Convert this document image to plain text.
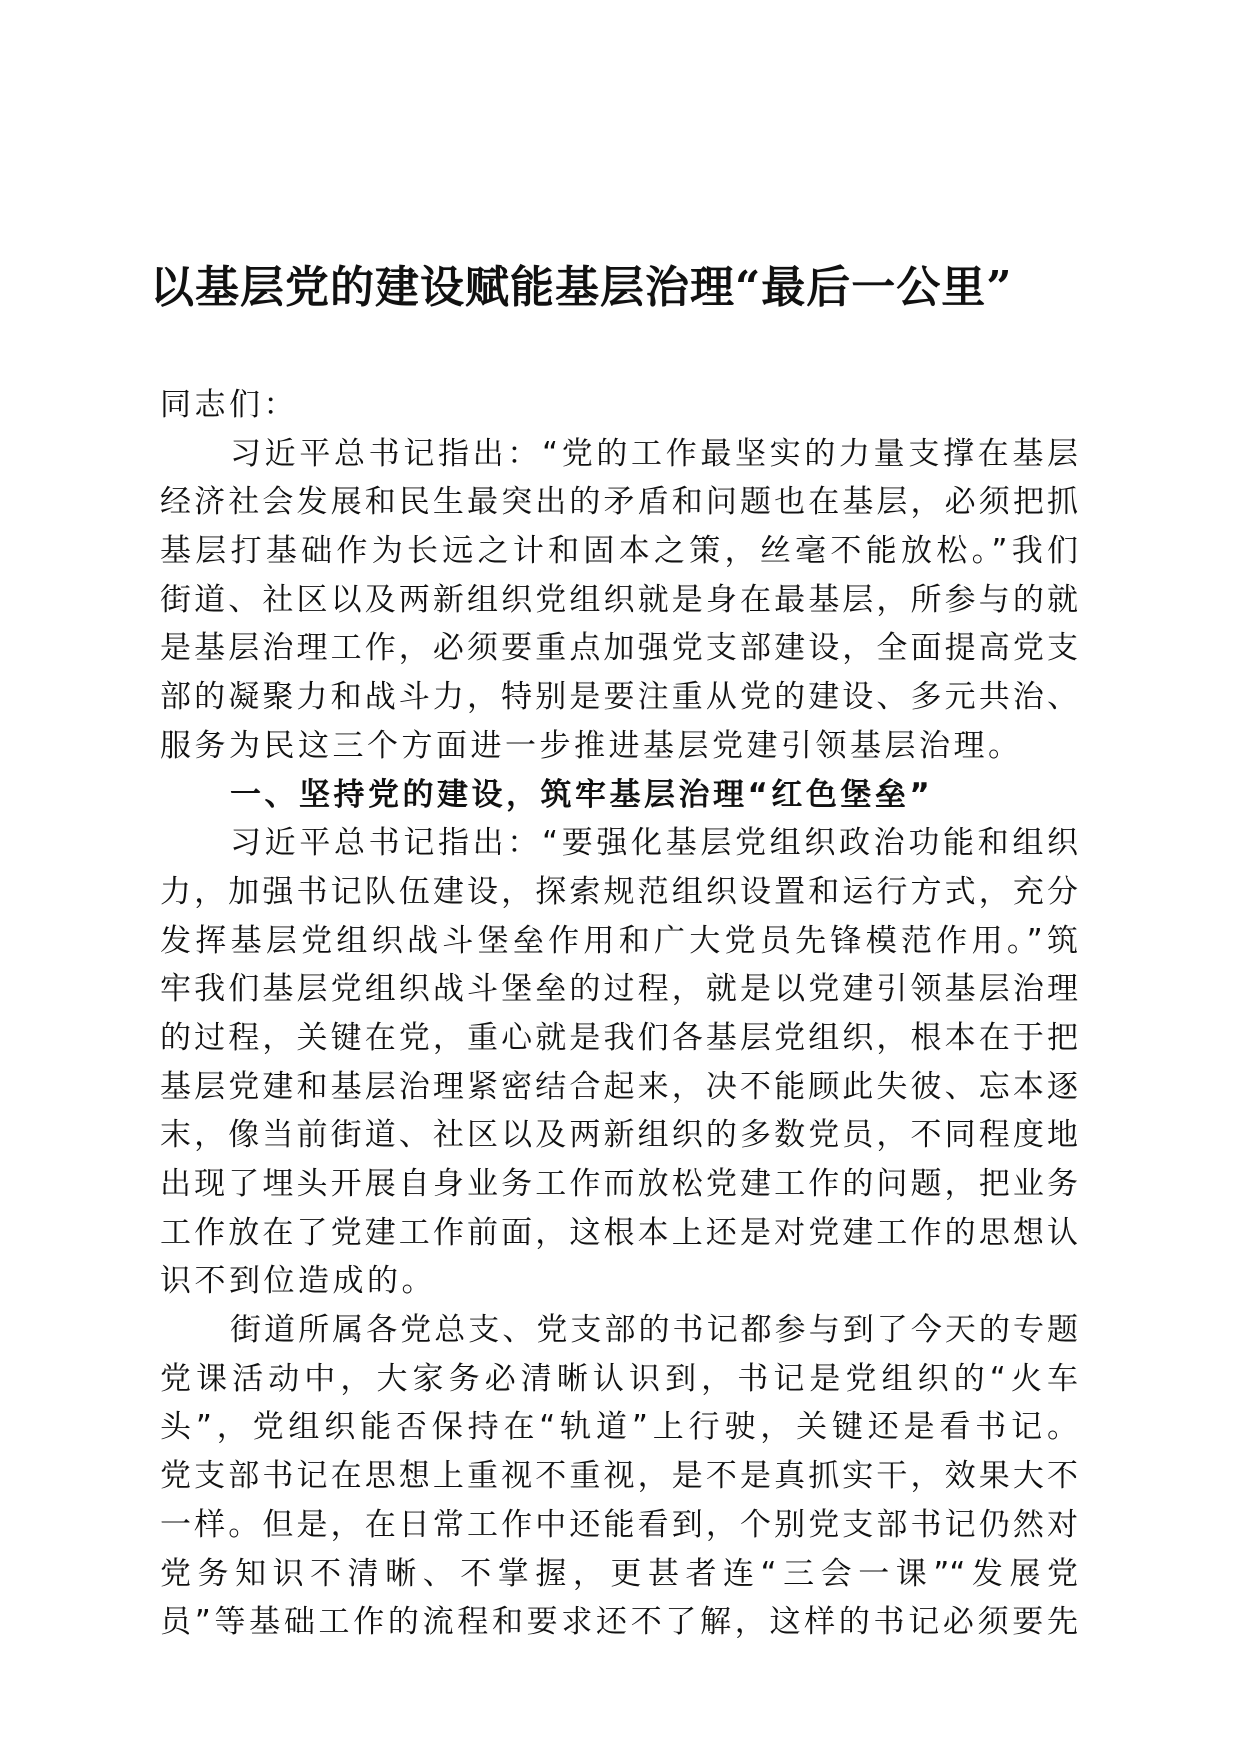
以基层党的建设赋能基层治理“最后一公里”
同志们：
习近平总书记指出：“党的工作最坚实的力量支撑在基层
经济社会发展和民生最突出的矛盾和问题也在基层，必须把抓
基层打基础作为长远之计和固本之策，丝毫不能放松。”我们
街道、社区以及两新组织党组织就是身在最基层，所参与的就
是基层治理工作，必须要重点加强党支部建设，全面提高党支
部的凝聚力和战斗力，特别是要注重从党的建设、多元共治、
服务为民这三个方面进一步推进基层党建引领基层治理。
一、坚持党的建设，筑牢基层治理“红色堡垒”
习近平总书记指出：“要强化基层党组织政治功能和组织
力，加强书记队伍建设，探索规范组织设置和运行方式，充分
发挥基层党组织战斗堡垒作用和广大党员先锋模范作用。”筑
牢我们基层党组织战斗堡垒的过程，就是以党建引领基层治理
的过程，关键在党，重心就是我们各基层党组织，根本在于把
基层党建和基层治理紧密结合起来，决不能顾此失彼、忘本逐
末，像当前街道、社区以及两新组织的多数党员，不同程度地
出现了埋头开展自身业务工作而放松党建工作的问题，把业务
工作放在了党建工作前面，这根本上还是对党建工作的思想认
识不到位造成的。
街道所属各党总支、党支部的书记都参与到了今天的专题
党课活动中，大家务必清晰认识到，书记是党组织的“火车
头”，党组织能否保持在“轨道”上行驶，关键还是看书记。
党支部书记在思想上重视不重视，是不是真抓实干，效果大不
一样。但是，在日常工作中还能看到，个别党支部书记仍然对
党务知识不清晰、不掌握，更甚者连“三会一课”“发展党
员”等基础工作的流程和要求还不了解，这样的书记必须要先
